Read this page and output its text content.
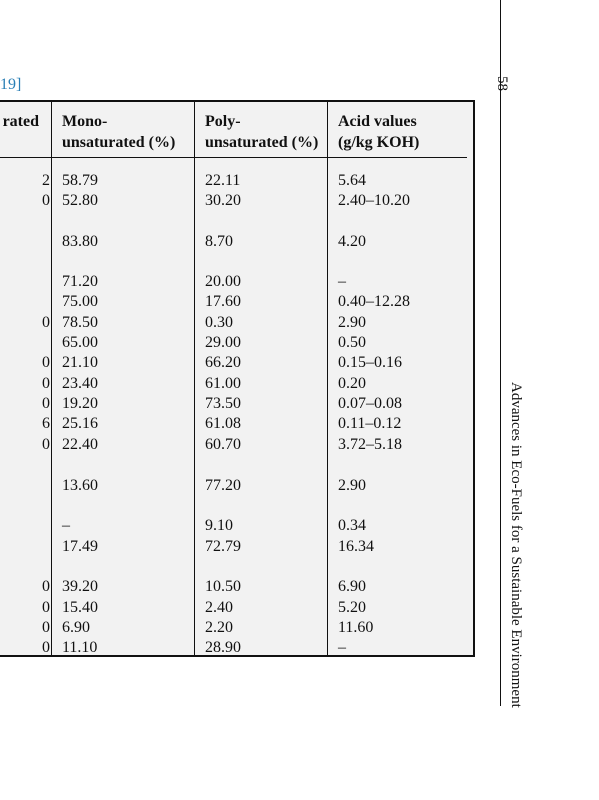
19]
rated
2
0
0
0
0
0
6
0
0
0
0
0
Mono-
unsaturated (%)
58.79
52.80
83.80
71.20
75.00
78.50
65.00
21.10
23.40
19.20
25.16
22.40
13.60
–
17.49
39.20
15.40
6.90
11.10
Poly-
unsaturated (%)
22.11
30.20
8.70
20.00
17.60
0.30
29.00
66.20
61.00
73.50
61.08
60.70
77.20
9.10
72.79
10.50
2.40
2.20
28.90
Acid values
(g/kg KOH)
5.64
2.40–10.20
4.20
–
0.40–12.28
2.90
0.50
0.15–0.16
0.20
0.07–0.08
0.11–0.12
3.72–5.18
2.90
0.34
16.34
6.90
5.20
11.60
–
58
Advances in Eco-Fuels for a Sustainable Environment
